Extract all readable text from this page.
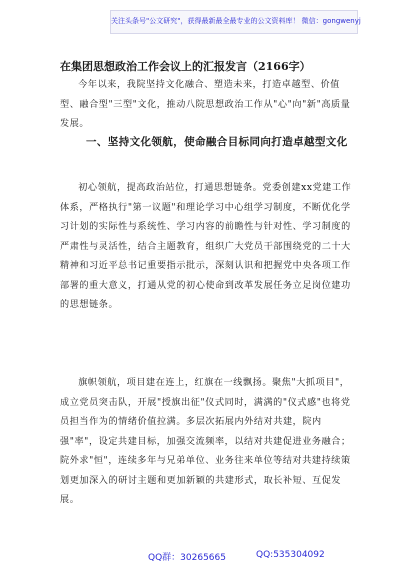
关注头条号"公文研究"，获得最新最全最专业的公文资料库！ 微信：gongwenyj
在集团思想政治工作会议上的汇报发言（2166字）
今年以来，我院坚持文化融合、塑造未来，打造卓越型、价值型、融合型"三型"文化，推动八院思想政治工作从"心"向"新"高质量发展。
一、坚持文化领航，使命融合目标同向打造卓越型文化
初心领航，提高政治站位，打通思想链条。党委创建xx党建工作体系，严格执行"第一议题"和理论学习中心组学习制度，不断优化学习计划的实际性与系统性、学习内容的前瞻性与针对性、学习制度的严肃性与灵活性，结合主题教育，组织广大党员干部围绕党的二十大精神和习近平总书记重要指示批示，深刻认识和把握党中央各项工作部署的重大意义，打通从党的初心使命到改革发展任务立足岗位建功的思想链条。
旗帜领航，项目建在连上，红旗在一线飘扬。聚焦"大抓项目"，成立党员突击队，开展"授旗出征"仪式同时，满满的"仪式感"也将党员担当作为的情绪价值拉满。多层次拓展内外结对共建，院内强"率"，设定共建目标，加强交流频率，以结对共建促进业务融合；院外求"恒"，连续多年与兄弟单位、业务往来单位等结对共建持续策划更加深入的研讨主题和更加新颖的共建形式，取长补短、互促发展。
QQ群：30265665	QQ:535304092
